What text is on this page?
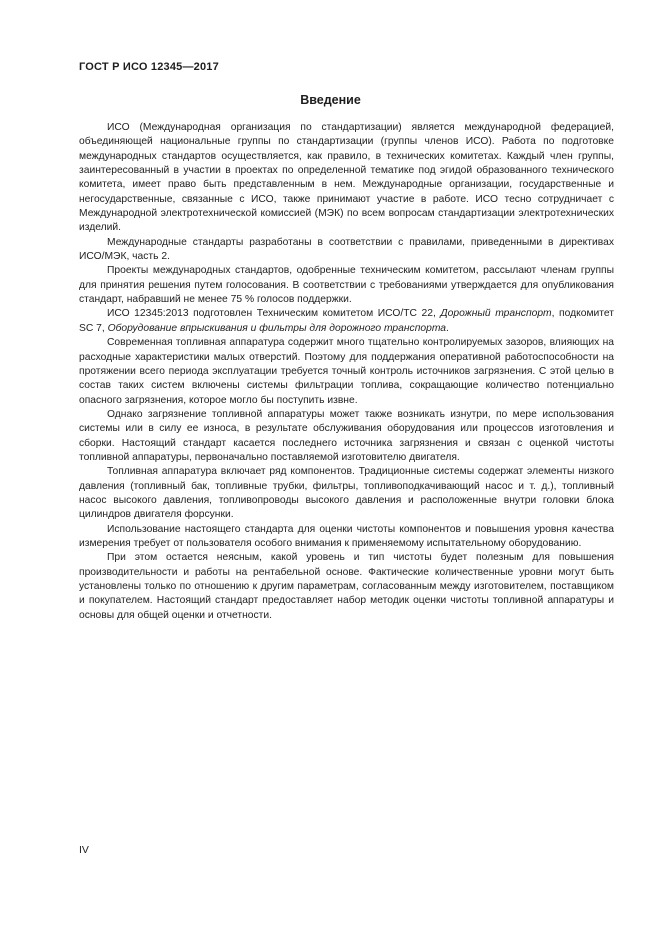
ГОСТ Р ИСО 12345—2017
Введение

ИСО (Международная организация по стандартизации) является международной федерацией, объединяющей национальные группы по стандартизации (группы членов ИСО). Работа по подготовке международных стандартов осуществляется, как правило, в технических комитетах. Каждый член группы, заинтересованный в участии в проектах по определенной тематике под эгидой образованного технического комитета, имеет право быть представленным в нем. Международные организации, государственные и негосударственные, связанные с ИСО, также принимают участие в работе. ИСО тесно сотрудничает с Международной электротехнической комиссией (МЭК) по всем вопросам стандартизации электротехнических изделий.

Международные стандарты разработаны в соответствии с правилами, приведенными в директивах ИСО/МЭК, часть 2.

Проекты международных стандартов, одобренные техническим комитетом, рассылают членам группы для принятия решения путем голосования. В соответствии с требованиями утверждается для опубликования стандарт, набравший не менее 75 % голосов поддержки.

ИСО 12345:2013 подготовлен Техническим комитетом ИСО/ТС 22, Дорожный транспорт, подкомитет SC 7, Оборудование впрыскивания и фильтры для дорожного транспорта.

Современная топливная аппаратура содержит много тщательно контролируемых зазоров, влияющих на расходные характеристики малых отверстий. Поэтому для поддержания оперативной работоспособности на протяжении всего периода эксплуатации требуется точный контроль источников загрязнения. С этой целью в состав таких систем включены системы фильтрации топлива, сокращающие количество потенциально опасного загрязнения, которое могло бы поступить извне.

Однако загрязнение топливной аппаратуры может также возникать изнутри, по мере использования системы или в силу ее износа, в результате обслуживания оборудования или процессов изготовления и сборки. Настоящий стандарт касается последнего источника загрязнения и связан с оценкой чистоты топливной аппаратуры, первоначально поставляемой изготовителю двигателя.

Топливная аппаратура включает ряд компонентов. Традиционные системы содержат элементы низкого давления (топливный бак, топливные трубки, фильтры, топливоподкачивающий насос и т. д.), топливный насос высокого давления, топливопроводы высокого давления и расположенные внутри головки блока цилиндров двигателя форсунки.

Использование настоящего стандарта для оценки чистоты компонентов и повышения уровня качества измерения требует от пользователя особого внимания к применяемому испытательному оборудованию.

При этом остается неясным, какой уровень и тип чистоты будет полезным для повышения производительности и работы на рентабельной основе. Фактические количественные уровни могут быть установлены только по отношению к другим параметрам, согласованным между изготовителем, поставщиком и покупателем. Настоящий стандарт предоставляет набор методик оценки чистоты топливной аппаратуры и основы для общей оценки и отчетности.

IV
